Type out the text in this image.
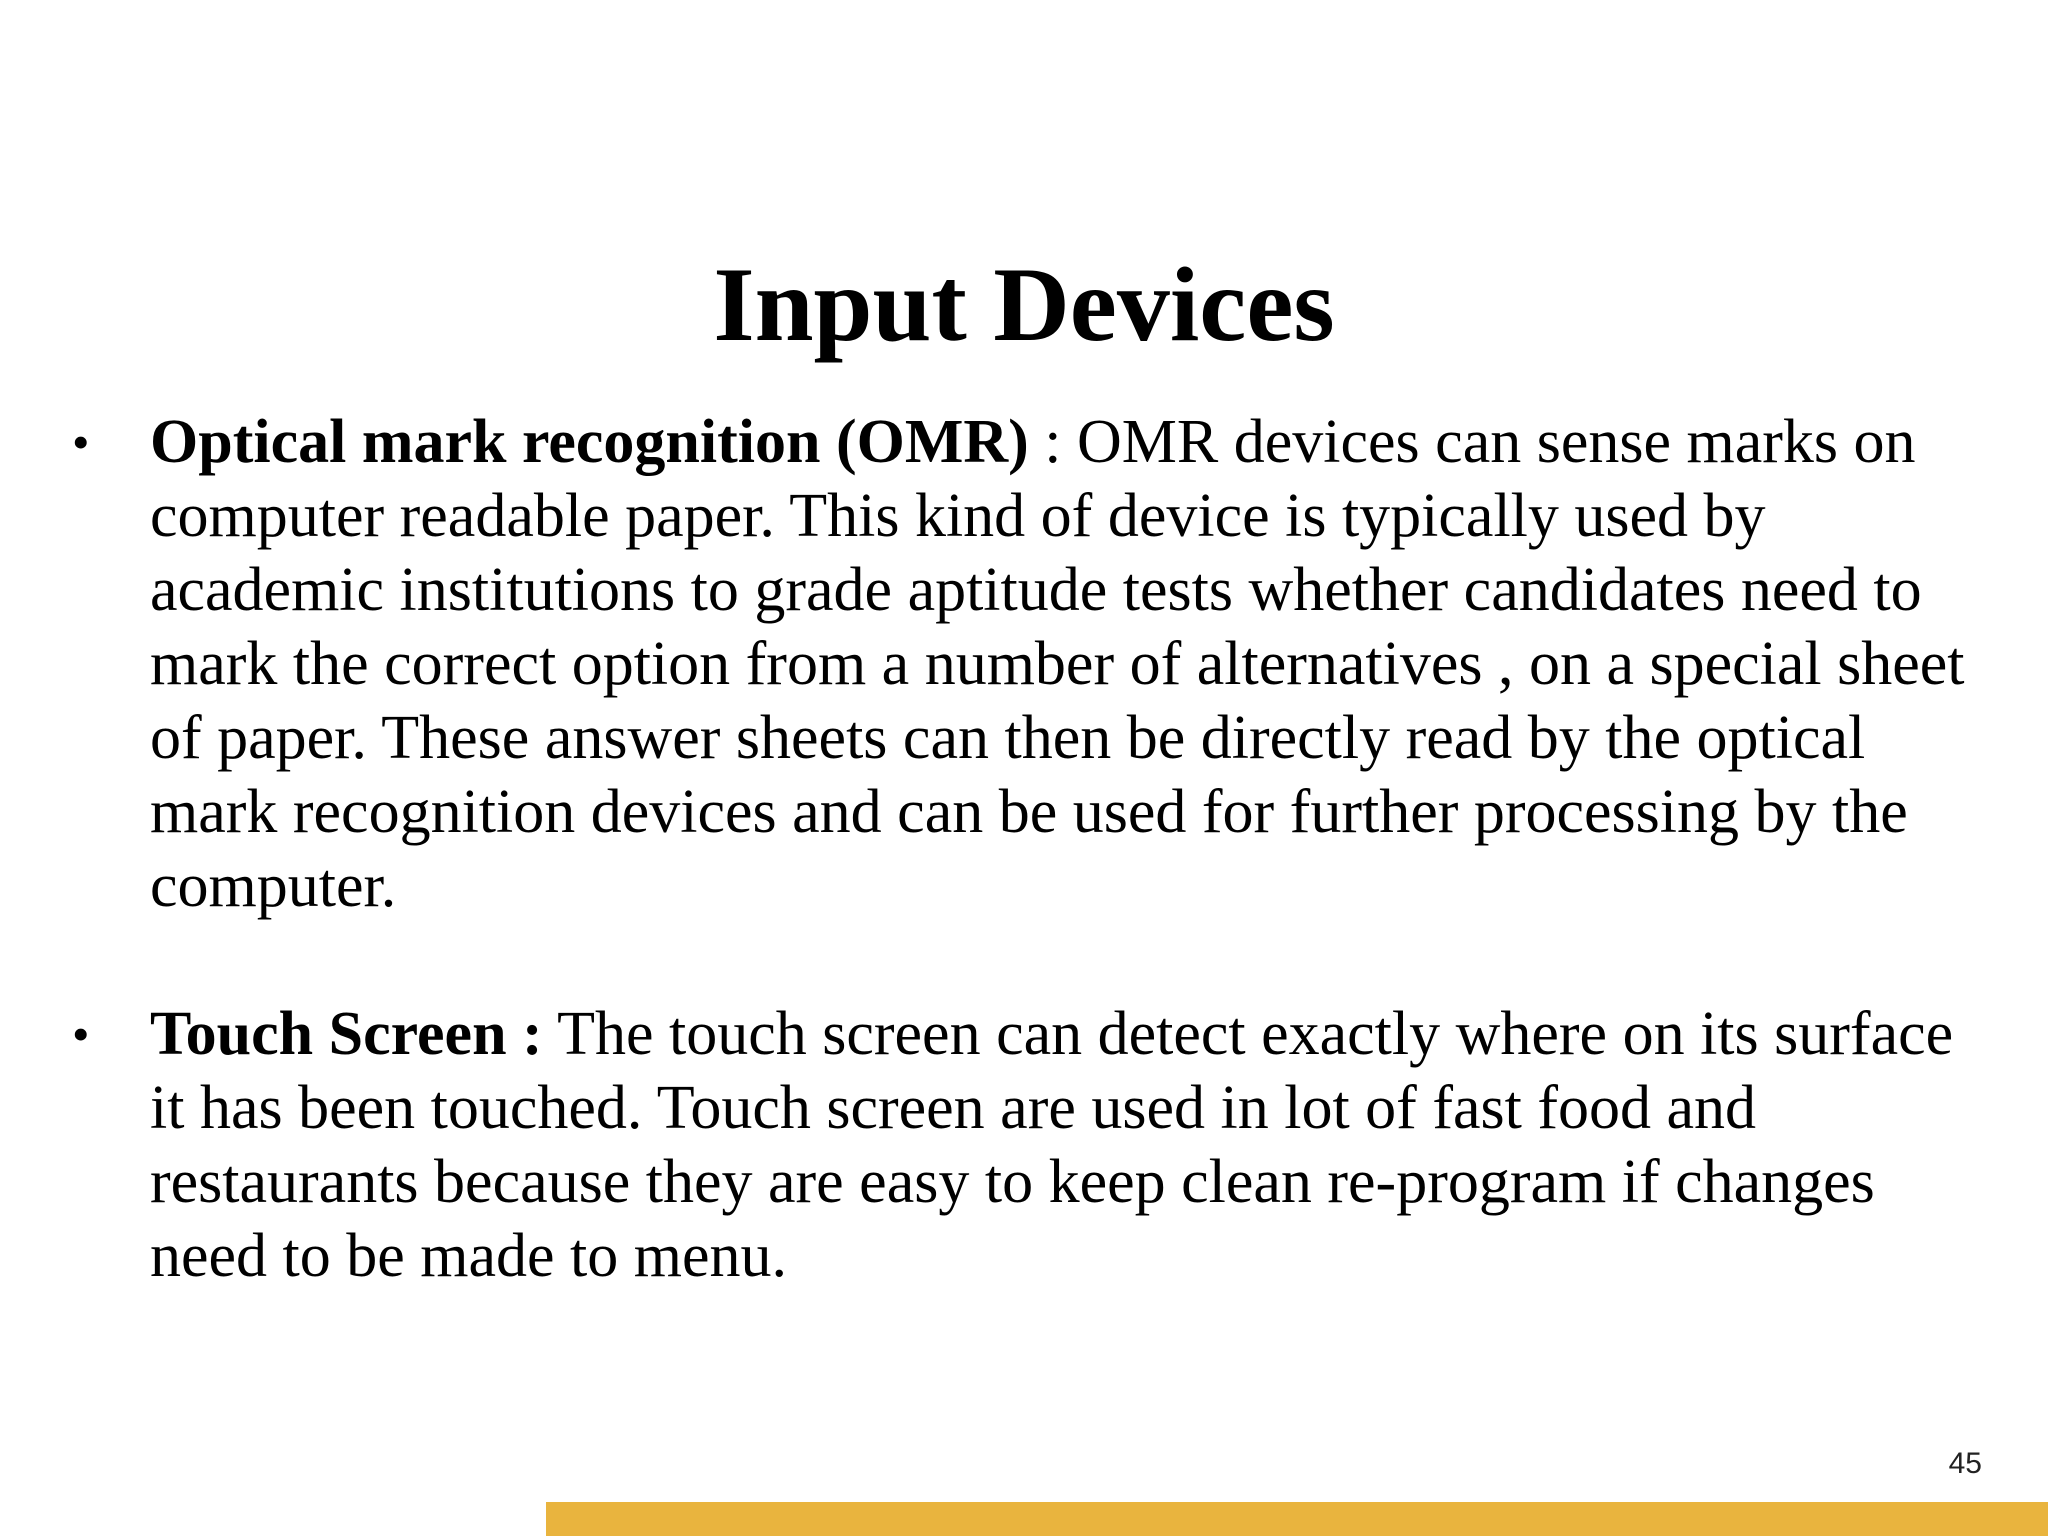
Input Devices
• Optical mark recognition (OMR) : OMR devices can sense marks on computer readable paper. This kind of device is typically used by academic institutions to grade aptitude tests whether candidates need to mark the correct option from a number of alternatives , on a special sheet of paper. These answer sheets can then be directly read by the optical mark recognition devices and can be used for further processing by the computer.
• Touch Screen : The touch screen can detect exactly where on its surface it has been touched. Touch screen are used in lot of fast food and restaurants because they are easy to keep clean re-program if changes need to be made to menu.
45
